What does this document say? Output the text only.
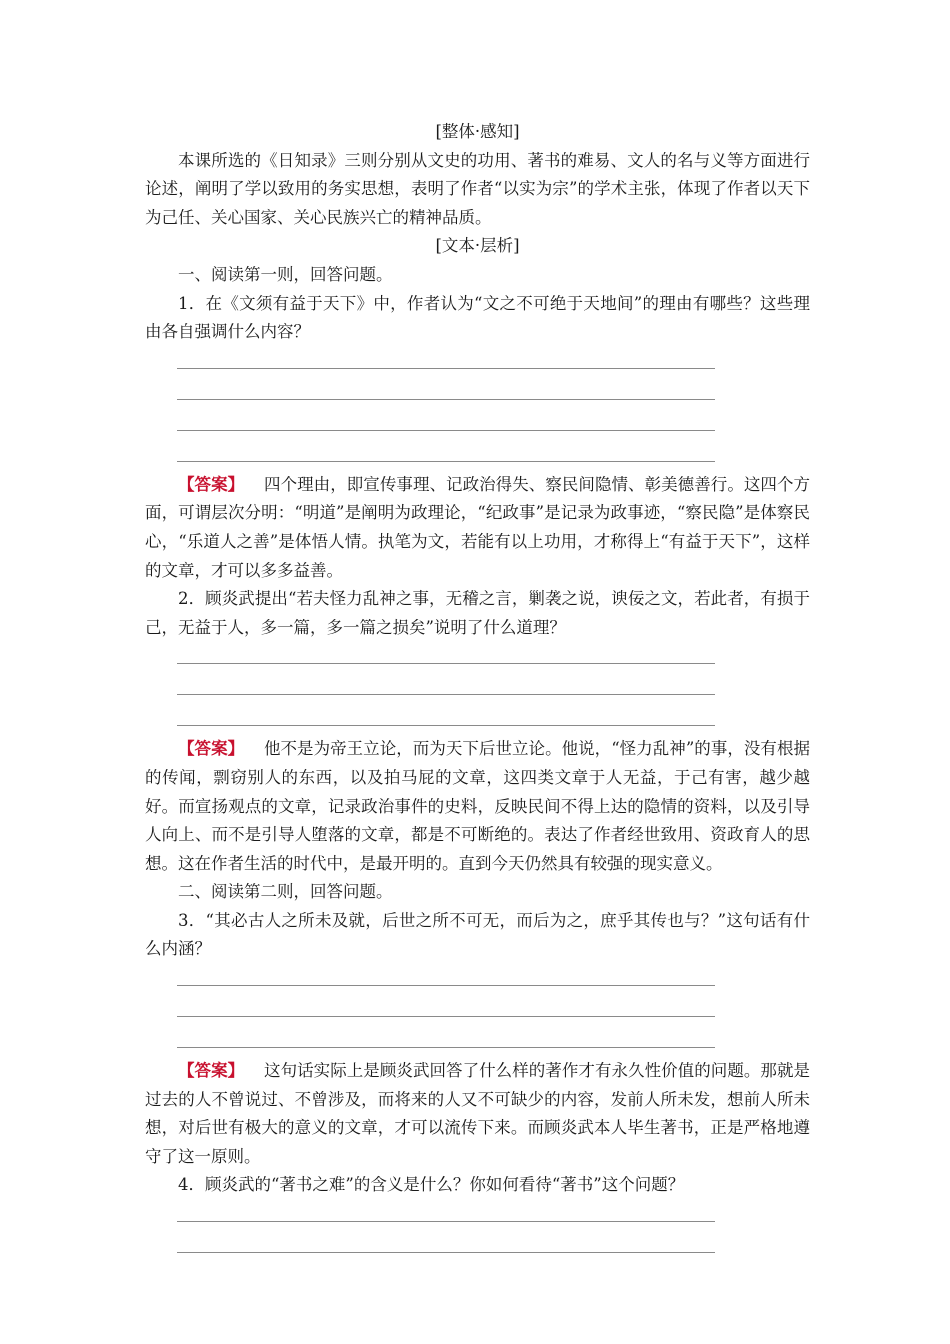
[整体·感知]

本课所选的《日知录》三则分别从文史的功用、著书的难易、文人的名与义等方面进行论述，阐明了学以致用的务实思想，表明了作者“以实为宗”的学术主张，体现了作者以天下为己任、关心国家、关心民族兴亡的精神品质。

[文本·层析]

一、阅读第一则，回答问题。

1．在《文须有益于天下》中，作者认为“文之不可绝于天地间”的理由有哪些？这些理由各自强调什么内容？

【答案】 四个理由，即宣传事理、记政治得失、察民间隐情、彰美德善行。这四个方面，可谓层次分明：“明道”是阐明为政理论，“纪政事”是记录为政事迹，“察民隐”是体察民心，“乐道人之善”是体悟人情。执笔为文，若能有以上功用，才称得上“有益于天下”，这样的文章，才可以多多益善。

2．顾炎武提出“若夫怪力乱神之事，无稽之言，剿袭之说，谀佞之文，若此者，有损于己，无益于人，多一篇，多一篇之损矣”说明了什么道理？

【答案】 他不是为帝王立论，而为天下后世立论。他说，“怪力乱神”的事，没有根据的传闻，剽窃别人的东西，以及拍马屁的文章，这四类文章于人无益，于己有害，越少越好。而宣扬观点的文章，记录政治事件的史料，反映民间不得上达的隐情的资料，以及引导人向上、而不是引导人堕落的文章，都是不可断绝的。表达了作者经世致用、资政育人的思想。这在作者生活的时代中，是最开明的。直到今天仍然具有较强的现实意义。

二、阅读第二则，回答问题。

3．“其必古人之所未及就，后世之所不可无，而后为之，庶乎其传也与？”这句话有什么内涵？

【答案】 这句话实际上是顾炎武回答了什么样的著作才有永久性价值的问题。那就是过去的人不曾说过、不曾涉及，而将来的人又不可缺少的内容，发前人所未发，想前人所未想，对后世有极大的意义的文章，才可以流传下来。而顾炎武本人毕生著书，正是严格地遵守了这一原则。

4．顾炎武的“著书之难”的含义是什么？你如何看待“著书”这个问题？
